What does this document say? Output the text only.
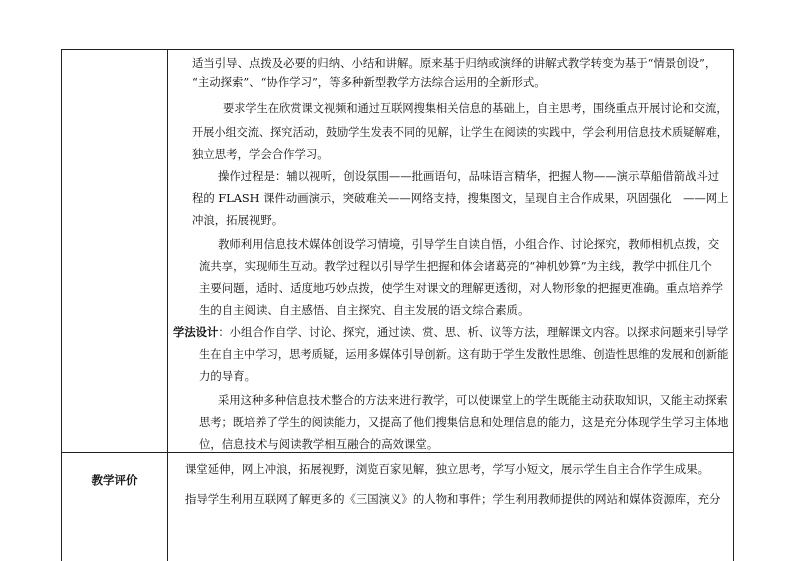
适当引导、点拨及必要的归纳、小结和讲解。原来基于归纳或演绎的讲解式教学转变为基于“情景创设”，
“主动探索”、“协作学习”，等多种新型教学方法综合运用的全新形式。
要求学生在欣赏课文视频和通过互联网搜集相关信息的基础上，自主思考，围绕重点开展讨论和交流，
开展小组交流、探究活动，鼓励学生发表不同的见解，让学生在阅读的实践中，学会利用信息技术质疑解难，
独立思考，学会合作学习。
操作过程是：辅以视听，创设氛围——批画语句，品味语言精华，把握人物——演示草船借箭战斗过
程的 FLASH 课件动画演示，突破难关——网络支持，搜集图文，呈现自主合作成果，巩固强化　——网上
冲浪，拓展视野。
教师利用信息技术媒体创设学习情境，引导学生自读自悟，小组合作、讨论探究，教师相机点拨，交
流共享，实现师生互动。教学过程以引导学生把握和体会诸葛亮的“神机妙算”为主线，教学中抓住几个
主要问题，适时、适度地巧妙点拨，使学生对课文的理解更透彻，对人物形象的把握更准确。重点培养学
生的自主阅读、自主感悟、自主探究、自主发展的语文综合素质。
学法设计：小组合作自学、讨论、探究，通过读、赏、思、析、议等方法，理解课文内容。以探求问题来引导学
生在自主中学习，思考质疑，运用多媒体引导创新。这有助于学生发散性思维、创造性思维的发展和创新能
力的导育。
采用这种多种信息技术整合的方法来进行教学，可以使课堂上的学生既能主动获取知识，又能主动探索
思考；既培养了学生的阅读能力，又提高了他们搜集信息和处理信息的能力，这是充分体现学生学习主体地
位，信息技术与阅读教学相互融合的高效课堂。
教学评价
课堂延伸，网上冲浪，拓展视野，浏览百家见解，独立思考，学写小短文，展示学生自主合作学生成果。
指导学生利用互联网了解更多的《三国演义》的人物和事件；学生利用教师提供的网站和媒体资源库，充分
